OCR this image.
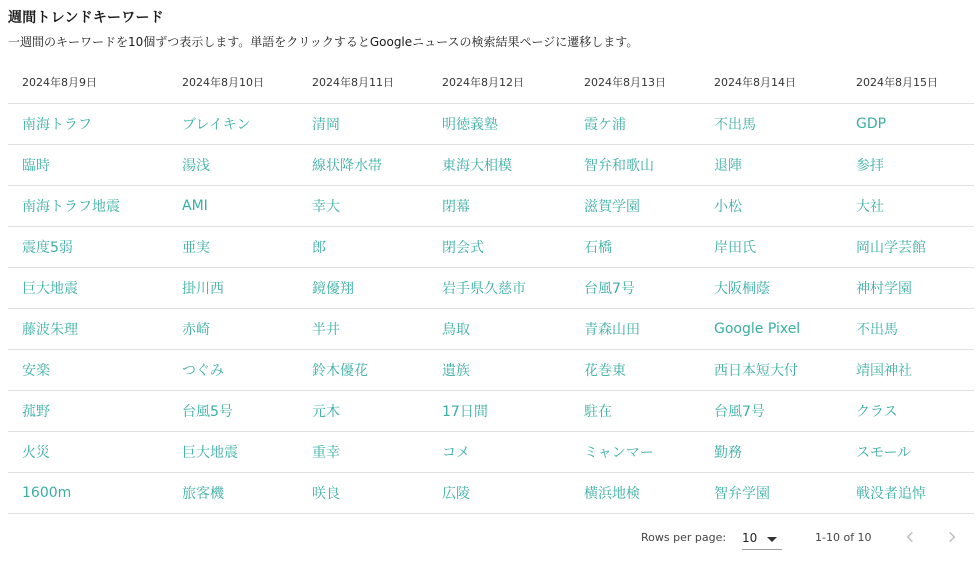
週間トレンドキーワード
一週間のキーワードを10個ずつ表示します。単語をクリックするとGoogleニュースの検索結果ページに遷移します。
2024年8月9日	2024年8月10日	2024年8月11日	2024年8月12日	2024年8月13日	2024年8月14日	2024年8月15日
南海トラフ	ブレイキン	清岡	明徳義塾	霞ケ浦	不出馬	GDP
臨時	湯浅	線状降水帯	東海大相模	智弁和歌山	退陣	参拝
南海トラフ地震	AMI	幸大	閉幕	滋賀学園	小松	大社
震度5弱	亜実	郎	閉会式	石橋	岸田氏	岡山学芸館
巨大地震	掛川西	鏡優翔	岩手県久慈市	台風7号	大阪桐蔭	神村学園
藤波朱理	赤崎	半井	鳥取	青森山田	Google Pixel	不出馬
安楽	つぐみ	鈴木優花	遺族	花巻東	西日本短大付	靖国神社
菰野	台風5号	元木	17日間	駐在	台風7号	クラス
火災	巨大地震	重幸	コメ	ミャンマー	勤務	スモール
1600m	旅客機	咲良	広陵	横浜地検	智弁学園	戦没者追悼
Rows per page: 10	1-10 of 10
